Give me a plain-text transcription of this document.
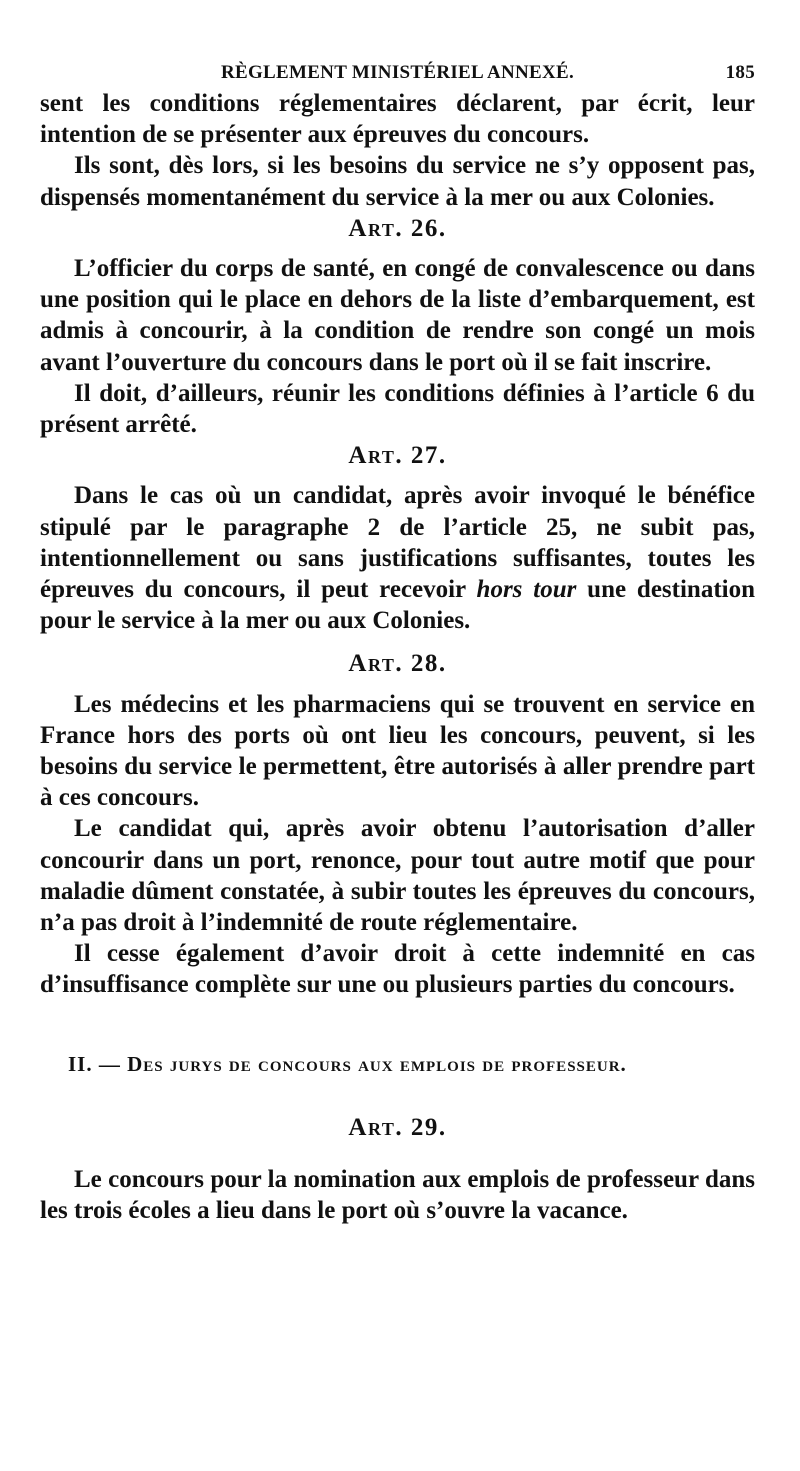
RÈGLEMENT MINISTÉRIEL ANNEXÉ.	185

sent les conditions réglementaires déclarent, par écrit, leur intention de se présenter aux épreuves du concours.

Ils sont, dès lors, si les besoins du service ne s’y opposent pas, dispensés momentanément du service à la mer ou aux Colonies.

Art. 26.

L’officier du corps de santé, en congé de convalescence ou dans une position qui le place en dehors de la liste d’embarquement, est admis à concourir, à la condition de rendre son congé un mois avant l’ouverture du concours dans le port où il se fait inscrire.

Il doit, d’ailleurs, réunir les conditions définies à l’article 6 du présent arrêté.

Art. 27.

Dans le cas où un candidat, après avoir invoqué le bénéfice stipulé par le paragraphe 2 de l’article 25, ne subit pas, intentionnellement ou sans justifications suffisantes, toutes les épreuves du concours, il peut recevoir hors tour une destination pour le service à la mer ou aux Colonies.

Art. 28.

Les médecins et les pharmaciens qui se trouvent en service en France hors des ports où ont lieu les concours, peuvent, si les besoins du service le permettent, être autorisés à aller prendre part à ces concours.

Le candidat qui, après avoir obtenu l’autorisation d’aller concourir dans un port, renonce, pour tout autre motif que pour maladie dûment constatée, à subir toutes les épreuves du concours, n’a pas droit à l’indemnité de route réglementaire.

Il cesse également d’avoir droit à cette indemnité en cas d’insuffisance complète sur une ou plusieurs parties du concours.

II. — Des jurys de concours aux emplois de professeur.
Art. 29.

Le concours pour la nomination aux emplois de professeur dans les trois écoles a lieu dans le port où s’ouvre la vacance.
